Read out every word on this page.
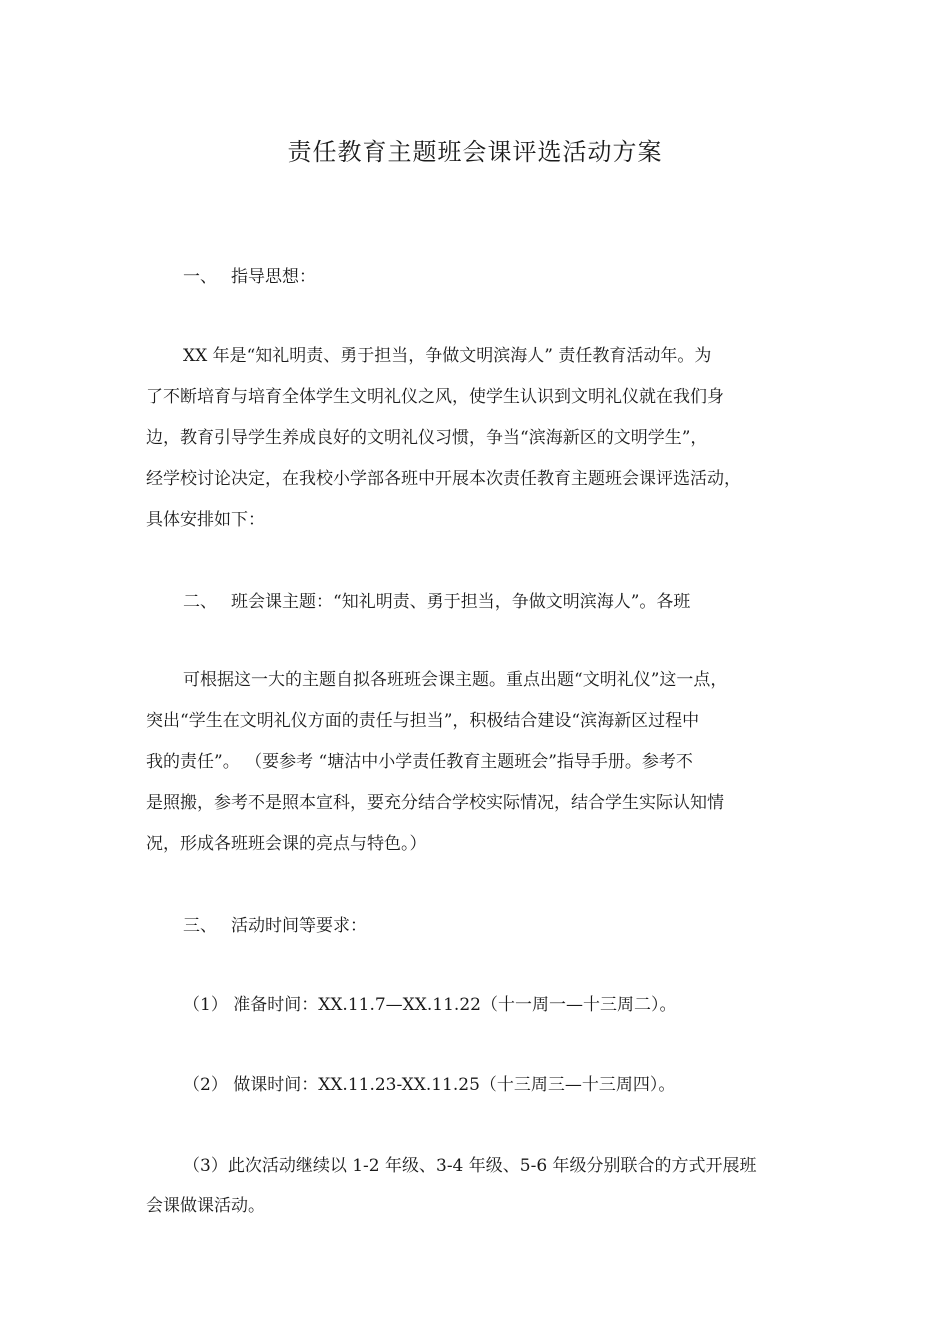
责任教育主题班会课评选活动方案
一、 指导思想：
XX 年是“知礼明责、勇于担当，争做文明滨海人” 责任教育活动年。为
了不断培育与培育全体学生文明礼仪之风，使学生认识到文明礼仪就在我们身
边，教育引导学生养成良好的文明礼仪习惯，争当“滨海新区的文明学生”，
经学校讨论决定，在我校小学部各班中开展本次责任教育主题班会课评选活动，
具体安排如下：
二、 班会课主题：“知礼明责、勇于担当，争做文明滨海人”。各班
可根据这一大的主题自拟各班班会课主题。重点出题“文明礼仪”这一点，
突出“学生在文明礼仪方面的责任与担当”，积极结合建设“滨海新区过程中
我的责任”。 （要参考 “塘沽中小学责任教育主题班会”指导手册。参考不
是照搬，参考不是照本宣科，要充分结合学校实际情况，结合学生实际认知情
况，形成各班班会课的亮点与特色。）
三、 活动时间等要求：
（1） 准备时间：XX.11.7—XX.11.22（十一周一—十三周二）。
（2） 做课时间：XX.11.23-XX.11.25（十三周三—十三周四）。
（3）此次活动继续以 1-2 年级、3-4 年级、5-6 年级分别联合的方式开展班
会课做课活动。
